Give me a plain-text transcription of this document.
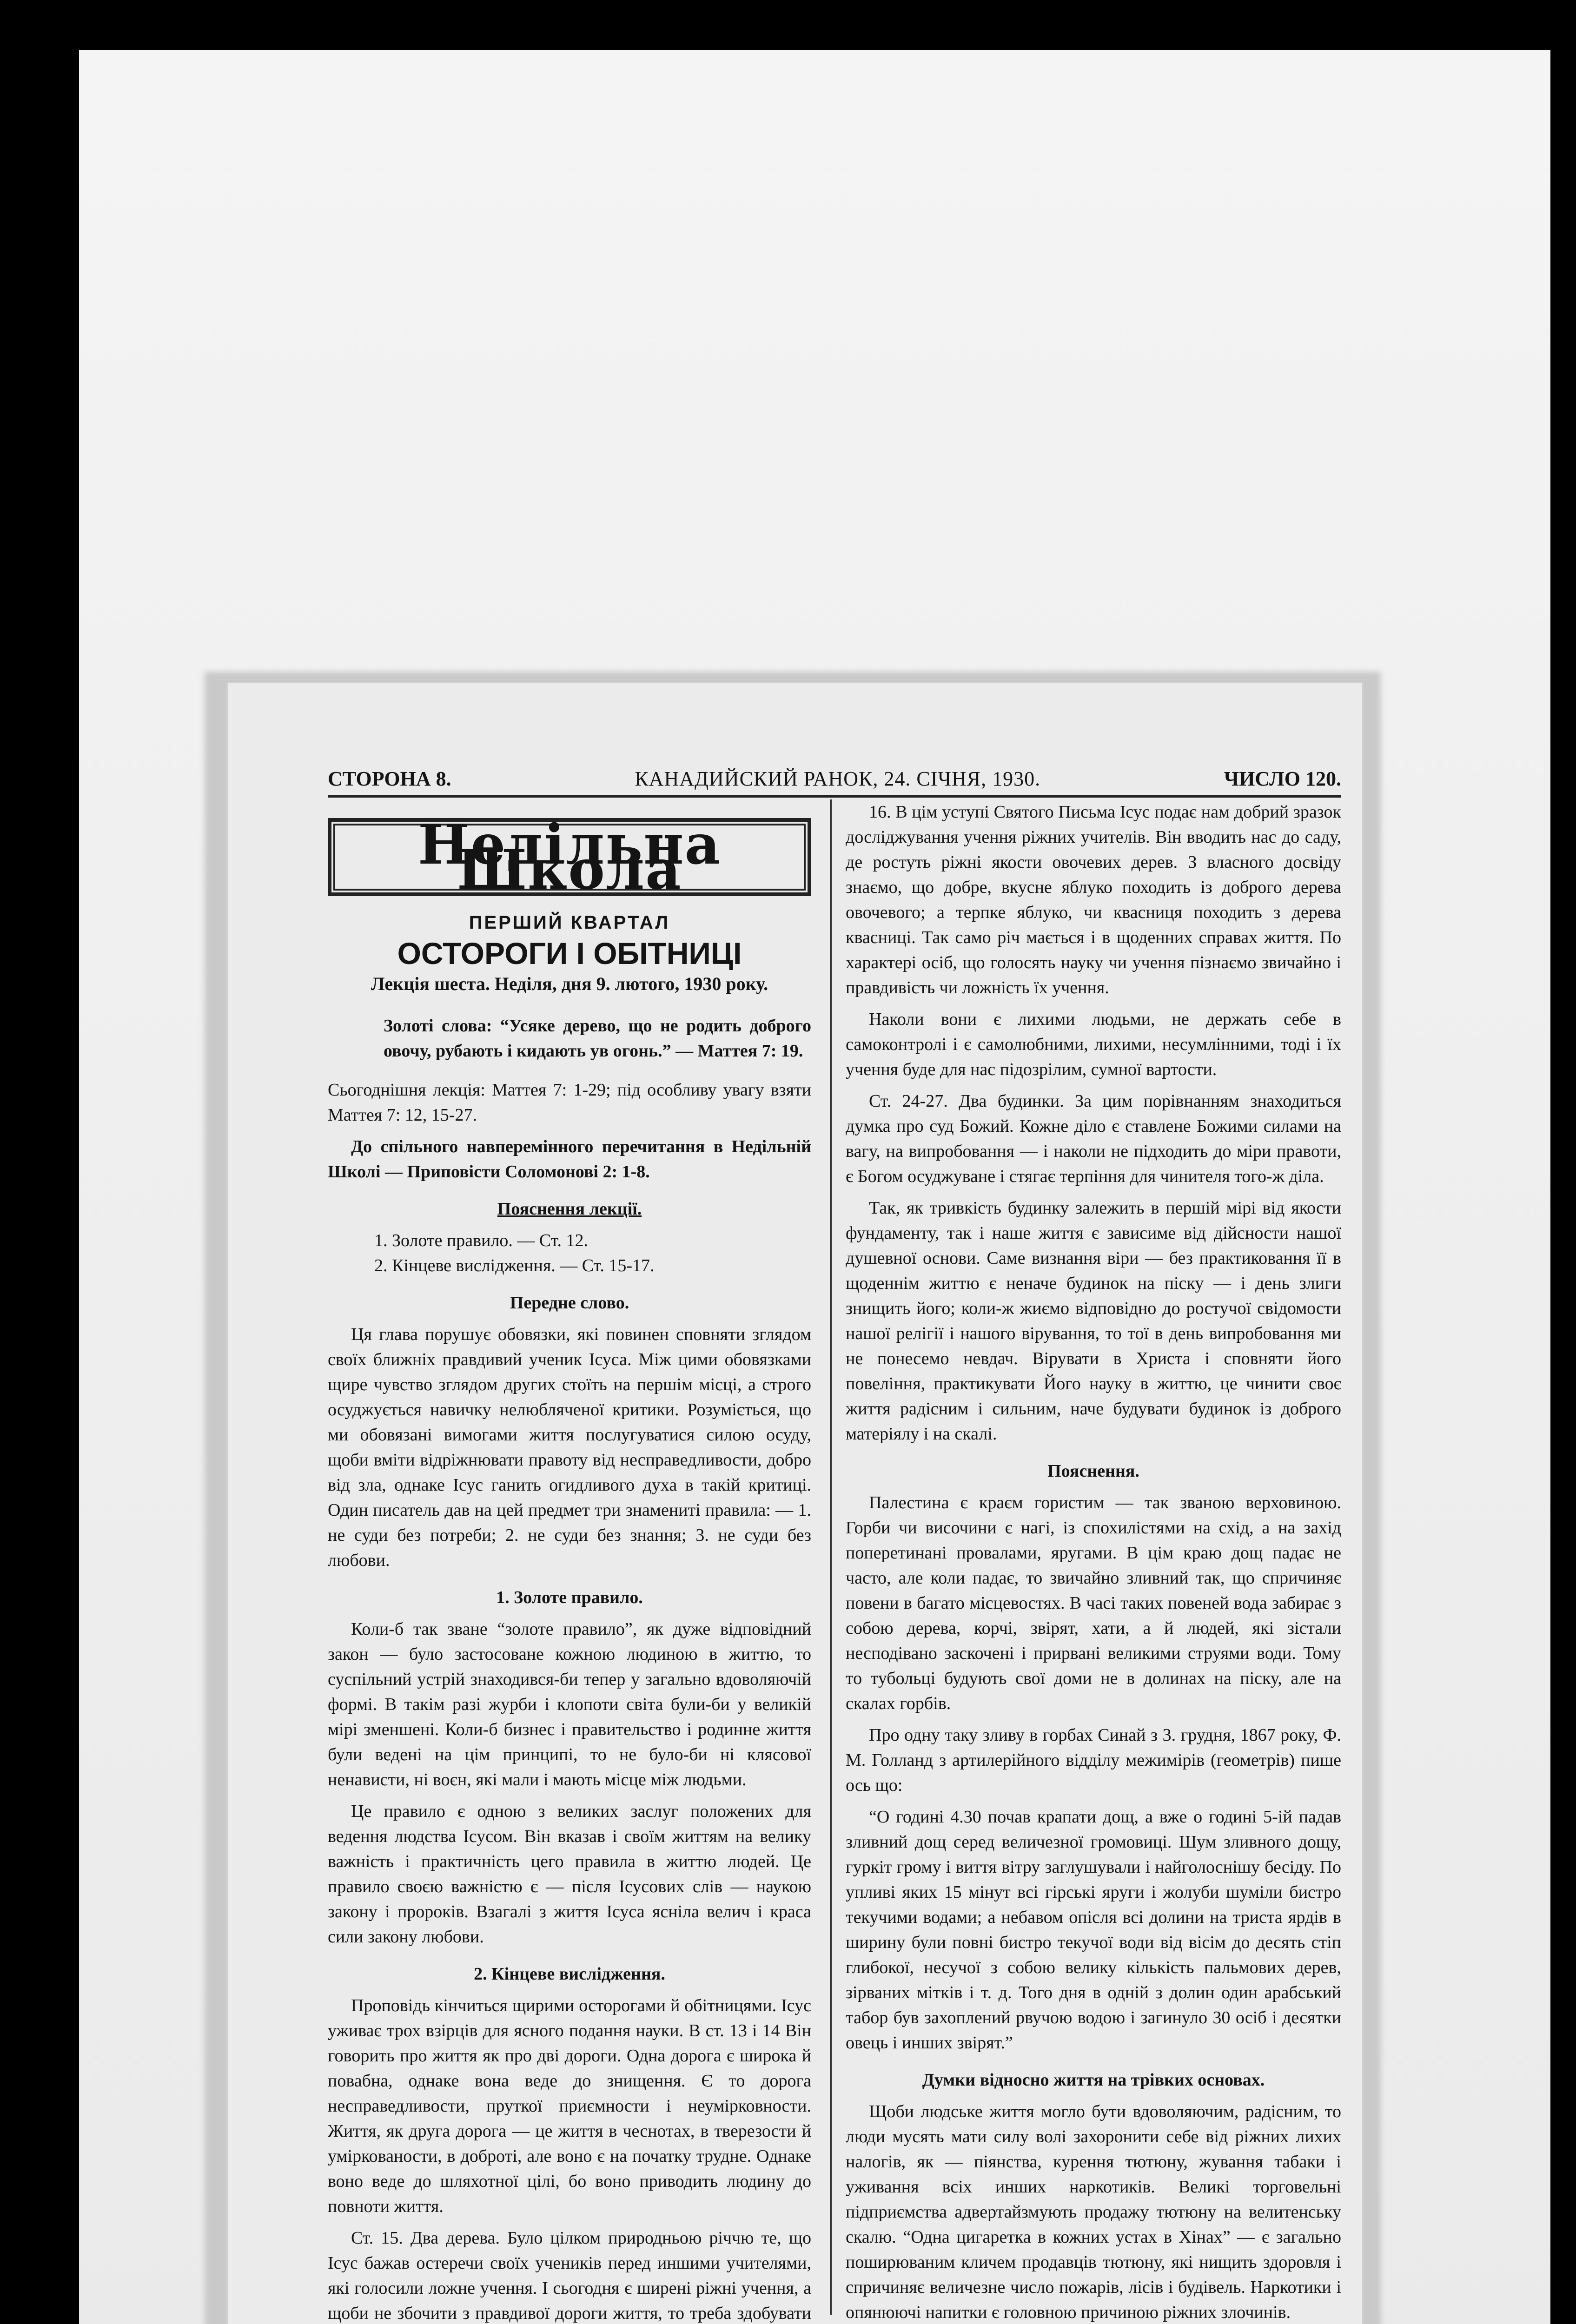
СТОРОНА 8.	КАНАДИЙСКИЙ РАНОК, 24. СІЧНЯ, 1930.	ЧИСЛО 120.
Недільна Школа
ПЕРШИЙ КВАРТАЛ
ОСТОРОГИ І ОБІТНИЦІ
Лекція шеста. Неділя, дня 9. лютого, 1930 року.
Золоті слова: “Усяке дерево, що не родить доброго овочу, рубають і кидають ув огонь.” — Маттея 7: 19.

Сьогоднішня лекція: Маттея 7: 1-29; під особливу увагу взяти Маттея 7: 12, 15-27.

До спільного навперемінного перечитання в Недільній Школі — Приповісти Соломонові 2: 1-8.

Пояснення лекції.
1. Золоте правило. — Ст. 12.
2. Кінцеве вислідження. — Ст. 15-17.
Передне слово.

Ця глава порушує обовязки, які повинен сповняти зглядом своїх ближніх правдивий ученик Ісуса. Між цими обовязками щире чувство зглядом других стоїть на першім місці, а строго осуджується навичку нелюбляченої критики. Розуміється, що ми обовязані вимогами життя послугуватися силою осуду, щоби вміти відріжнювати правоту від несправедливости, добро від зла, однаке Ісус ганить огидливого духа в такій критиці. Один писатель дав на цей предмет три знаменитi правила: — 1. не суди без потреби; 2. не суди без знання; 3. не суди без любови.

1. Золоте правило.

Коли-б так зване “золоте правило”, як дуже відповідний закон — було застосоване кожною людиною в життю, то суспільний устрій знаходився-би тепер у загально вдоволяючій формі. В такім разі журби і клопоти світа були-би у великій мірі зменшені. Коли-б бизнес і правительство і родинне життя були ведені на цім принципі, то не було-би ні клясової ненависти, ні воєн, які мали і мають місце між людьми.

Це правило є одною з великих заслуг положених для ведення людства Ісусом. Він вказав і своїм життям на велику важність і практичність цего правила в життю людей. Це правило своєю важністю є — після Ісусових слів — наукою закону і пророків. Взагалі з життя Ісуса ясніла велич і краса сили закону любови.

2. Кінцеве вислідження.

Проповідь кінчиться щирими осторогами й обітницями. Ісус уживає трох взірців для ясного подання науки. В ст. 13 і 14 Він говорить про життя як про дві дороги. Одна дорога є широка й повабна, однаке вона веде до знищення. Є то дорога несправедливости, пруткої приємности і неумірковности. Життя, як друга дорога — це життя в чеснотах, в тверезости й уміркованости, в доброті, але воно є на початку трудне. Однаке воно веде до шляхотної цілі, бо воно приводить людину до повноти життя.

Ст. 15. Два дерева. Було цілком природньою річчю те, що Ісус бажав остеречи своїх учеників перед иншими учителями, які голосили ложне учення. І сьогодня є ширені ріжні учення, а щоби не збочити з правдивої дороги життя, то треба здобувати

16. В цім уступі Святого Письма Ісус подає нам добрий зразок досліджування учення ріжних учителів. Він вводить нас до саду, де ростуть ріжні якости овочевих дерев. З власного досвіду знаємо, що добре, вкусне яблуко походить із доброго дерева овочевого; а терпке яблуко, чи квасниця походить з дерева квасниці. Так само річ мається і в щоденних справах життя. По характері осіб, що голосять науку чи учення пізнаємо звичайно і правдивість чи ложність їх учення.

Наколи вони є лихими людьми, не держать себе в самоконтролі і є самолюбними, лихими, несумлінними, тоді і їх учення буде для нас підозрілим, сумної вартости.

Ст. 24-27. Два будинки. За цим порівнанням знаходиться думка про суд Божий. Кожне діло є ставлене Божими силами на вагу, на випробовання — і наколи не підходить до міри правоти, є Богом осуджуване і стягає терпіння для чинителя того-ж діла.

Так, як тривкість будинку залежить в першій мірі від якости фундаменту, так і наше життя є зависиме від дійсности нашої душевної основи. Саме визнання віри — без практиковання її в щоденнім життю є неначе будинок на піску — і день злиги знищить його; коли-ж жиємо відповідно до ростучої свідомости нашої релігії і нашого вірування, то тої в день випробовання ми не понесемо невдач. Вірувати в Христа і сповняти його повеління, практикувати Його науку в життю, це чинити своє життя радісним і сильним, наче будувати будинок із доброго матеріялу і на скалі.

Пояснення.

Палестина є краєм гористим — так званою верховиною. Горби чи височини є нагі, із спохилістями на схід, а на захід поперетинані провалами, яругами. В цім краю дощ падає не часто, але коли падає, то звичайно зливний так, що спричиняє повени в багато місцевостях. В часі таких повеней вода забирає з собою дерева, корчі, звірят, хати, а й людей, які зістали несподівано заскочені і прирвані великими струями води. Тому то тубольці будують свої доми не в долинах на піску, але на скалах горбів.

Про одну таку зливу в горбах Синай з 3. грудня, 1867 року, Ф. М. Голланд з артилерійного відділу межимірів (геометрів) пише ось що:

“О годині 4.30 почав крапати дощ, а вже о годині 5-ій падав зливний дощ серед величезної громовиці. Шум зливного дощу, гуркіт грому і виття вітру заглушували і найголоснішу бесіду. По упливі яких 15 мінут всі гірські яруги і жолуби шуміли бистро текучими водами; а небавом опісля всі долини на триста ярдів в ширину були повні бистро текучої води від вісім до десять стіп глибокої, несучої з собою велику кількість пальмових дерев, зірваних мітків і т. д. Того дня в одній з долин один арабський табор був захоплений рвучою водою і загинуло 30 осіб і десятки овець і инших звірят.”

Думки відносно життя на трівких основах.

Щоби людське життя могло бути вдоволяючим, радісним, то люди мусять мати силу волі захоронити себе від ріжних лихих налогів, як — піянства, курення тютюну, жування табаки і уживання всіх инших наркотиків. Великі торговельні підприємства адвертайзмують продажу тютюну на велитенську скалю. “Одна цигаретка в кожних устах в Хінах” — є загально поширюваним кличем продавців тютюну, які нищить здоровля і спричиняє величезне число пожарів, лісів і будівель. Наркотики і опянюючі напитки є головною причиною ріжних злочинів.
